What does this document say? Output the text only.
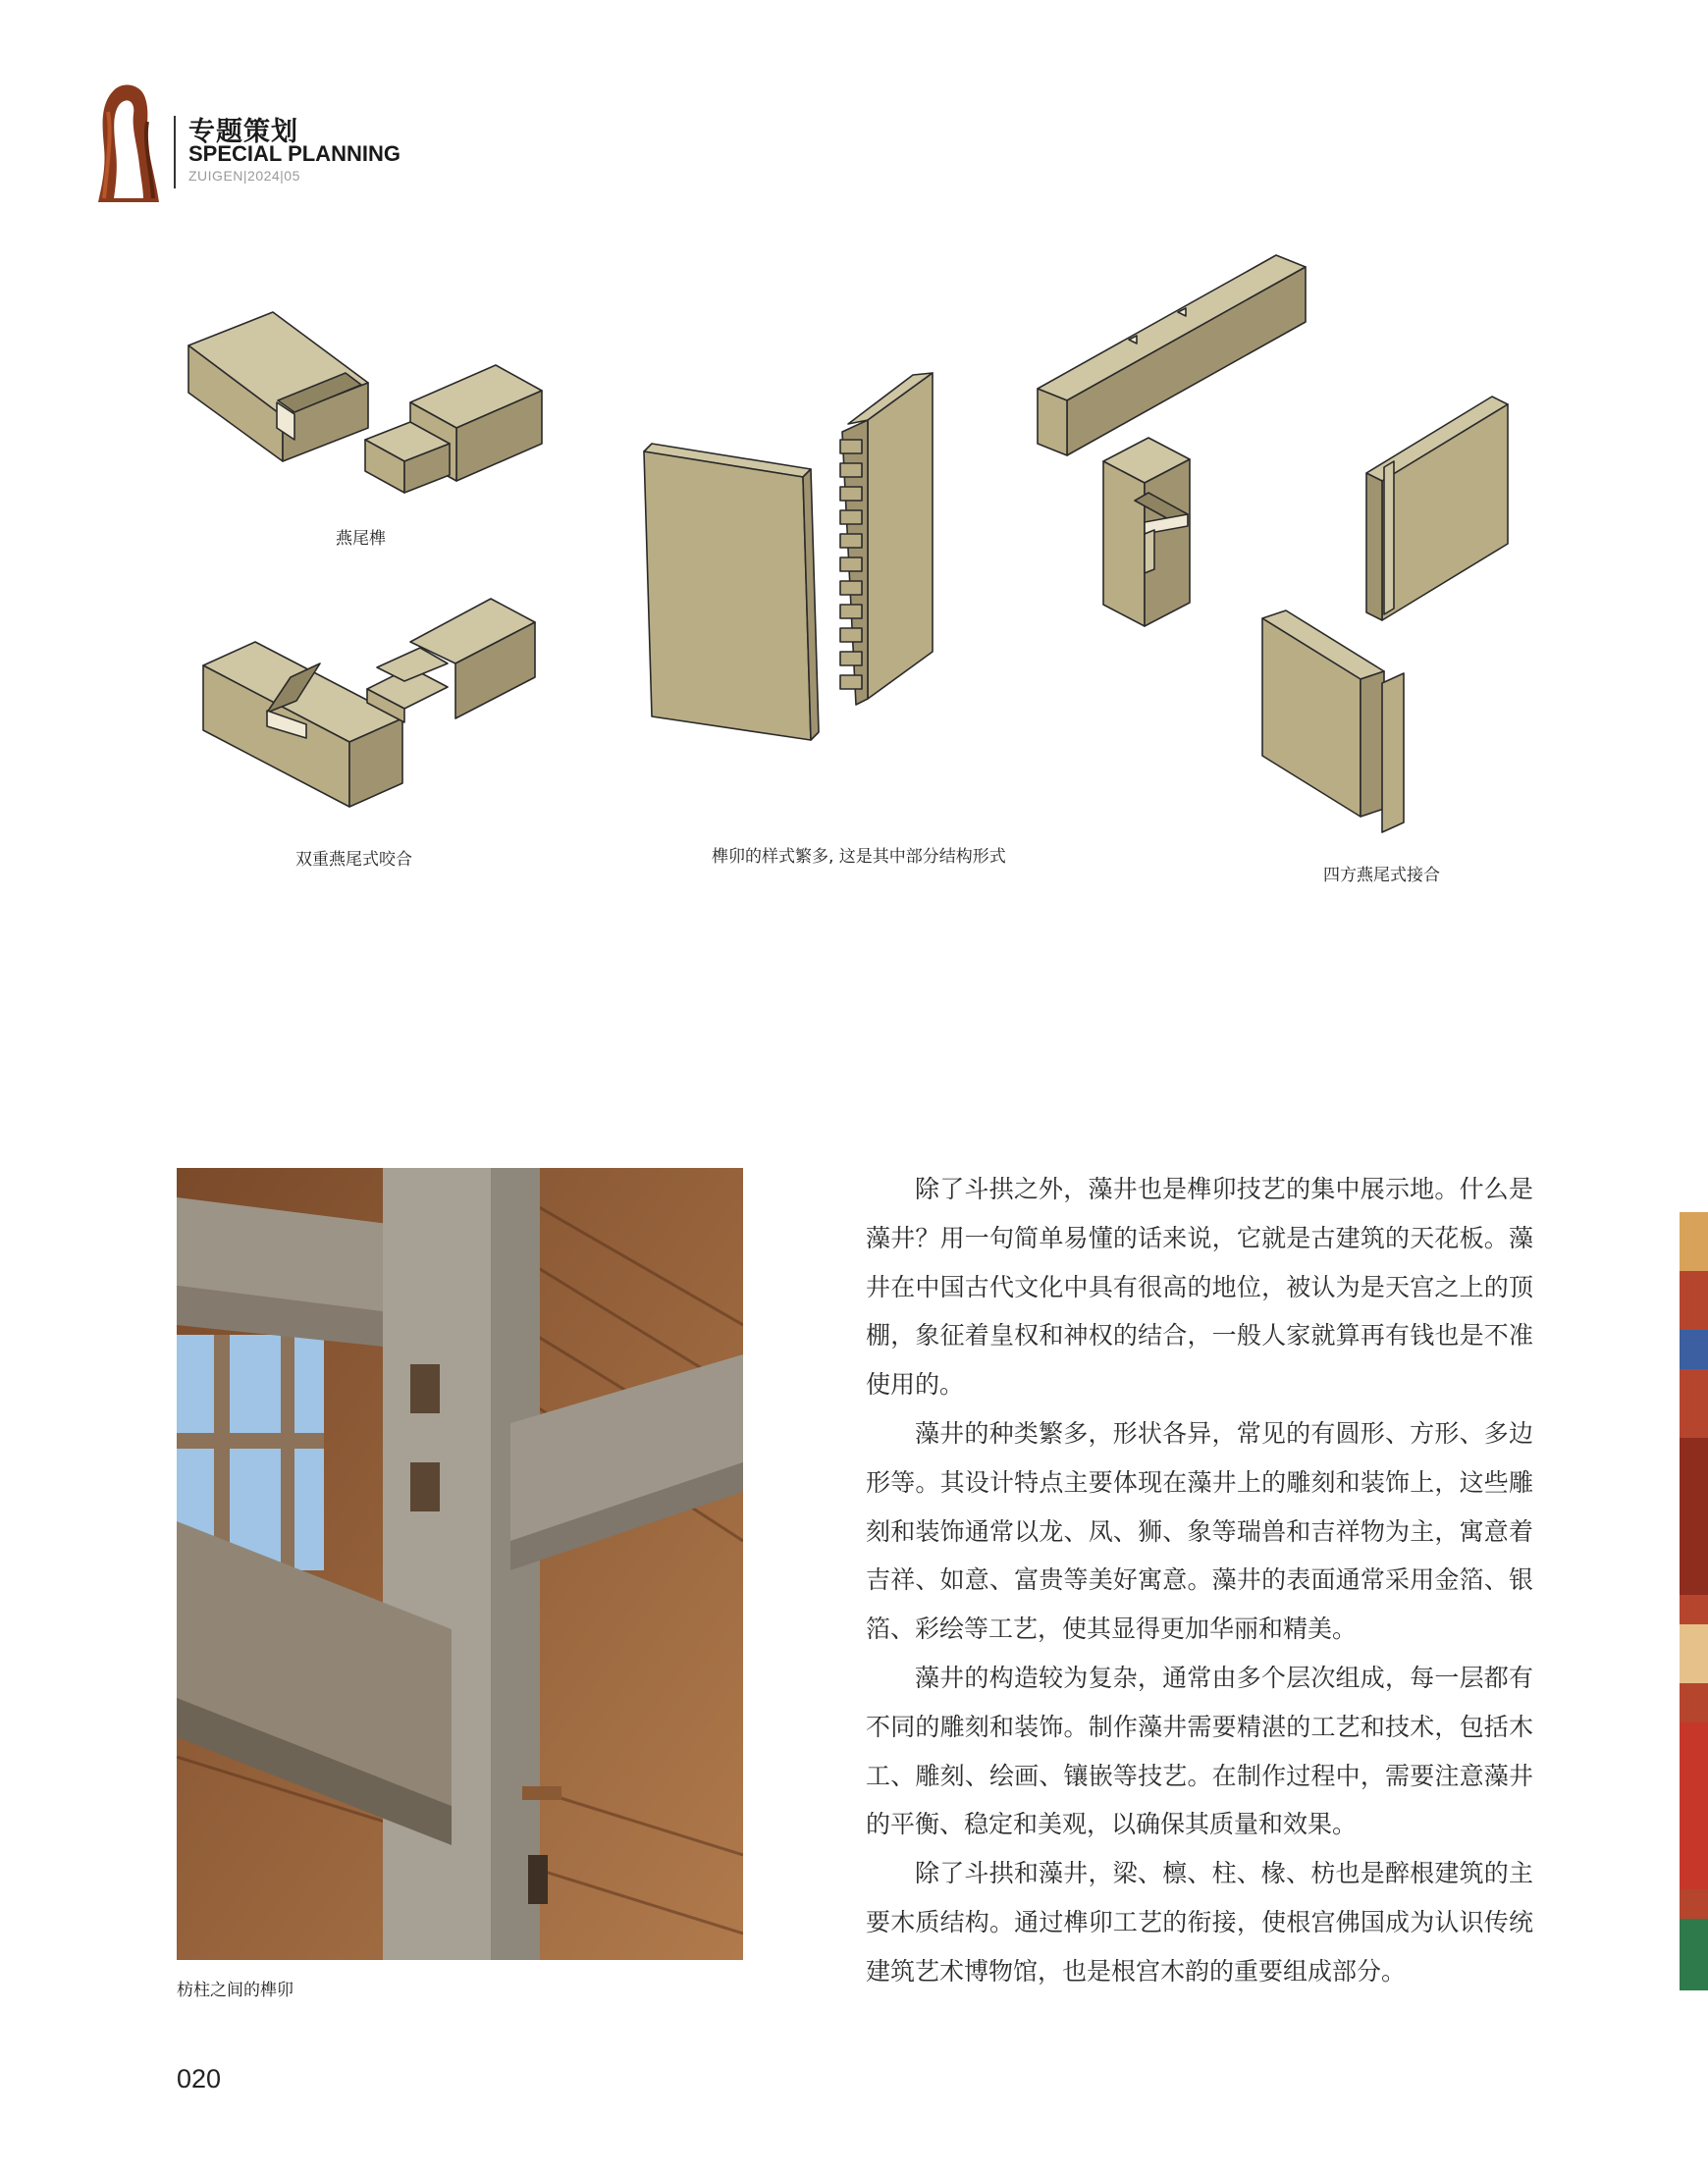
专题策划
SPECIAL PLANNING
ZUIGEN|2024|05
燕尾榫
双重燕尾式咬合	榫卯的样式繁多, 这是其中部分结构形式
四方燕尾式接合
枋柱之间的榫卯

除了斗拱之外，藻井也是榫卯技艺的集中展示地。什么是藻井？用一句简单易懂的话来说，它就是古建筑的天花板。藻井在中国古代文化中具有很高的地位，被认为是天宫之上的顶棚，象征着皇权和神权的结合，一般人家就算再有钱也是不准使用的。

藻井的种类繁多，形状各异，常见的有圆形、方形、多边形等。其设计特点主要体现在藻井上的雕刻和装饰上，这些雕刻和装饰通常以龙、凤、狮、象等瑞兽和吉祥物为主，寓意着吉祥、如意、富贵等美好寓意。藻井的表面通常采用金箔、银箔、彩绘等工艺，使其显得更加华丽和精美。

藻井的构造较为复杂，通常由多个层次组成，每一层都有不同的雕刻和装饰。制作藻井需要精湛的工艺和技术，包括木工、雕刻、绘画、镶嵌等技艺。在制作过程中，需要注意藻井的平衡、稳定和美观，以确保其质量和效果。

除了斗拱和藻井，梁、檩、柱、椽、枋也是醉根建筑的主要木质结构。通过榫卯工艺的衔接，使根宫佛国成为认识传统建筑艺术博物馆，也是根宫木韵的重要组成部分。

020
